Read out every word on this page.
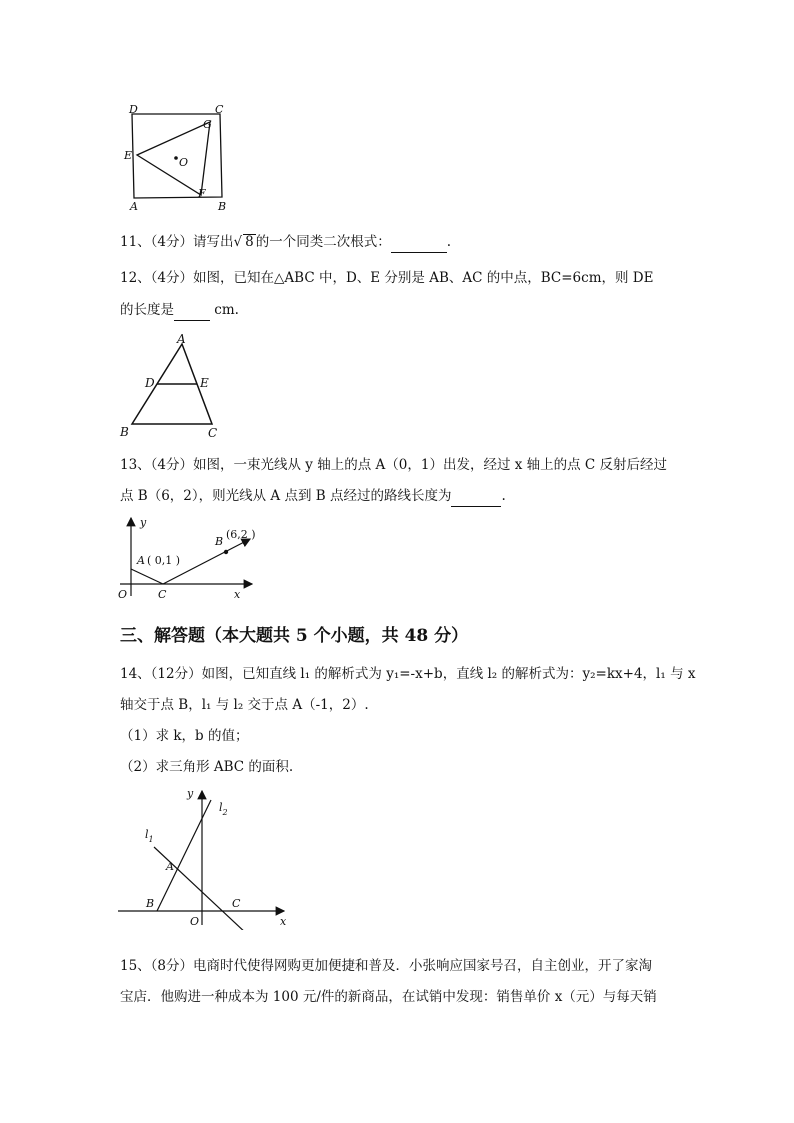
D	C
G
E
O
A
F
B
11、（4分）请写出√ 8 的一个同类二次根式：	.
12、（4分）如图，已知在△ABC 中，D、E 分别是 AB、AC 的中点，BC=6cm，则 DE
的长度是	cm.
A
D	E
B	C
13、（4分）如图，一束光线从 y 轴上的点 A（0，1）出发，经过 x 轴上的点 C 反射后经过
点 B（6，2），则光线从 A 点到 B 点经过的路线长度为	.
y
x
O	C
A ( 0,1 )
B
(6,2 )
三、解答题（本大题共 5 个小题，共 48 分）
14、（12分）如图，已知直线 l₁ 的解析式为 y₁=-x+b，直线 l₂ 的解析式为：y₂=kx+4，l₁ 与 x
轴交于点 B，l₁ 与 l₂ 交于点 A（-1，2）.
（1）求 k，b 的值；
（2）求三角形 ABC 的面积.
y
x
O
A
B	C
$l_1$
$l_2$
15、（8分）电商时代使得网购更加便捷和普及．小张响应国家号召，自主创业，开了家淘
宝店．他购进一种成本为 100 元/件的新商品，在试销中发现：销售单价 x（元）与每天销
